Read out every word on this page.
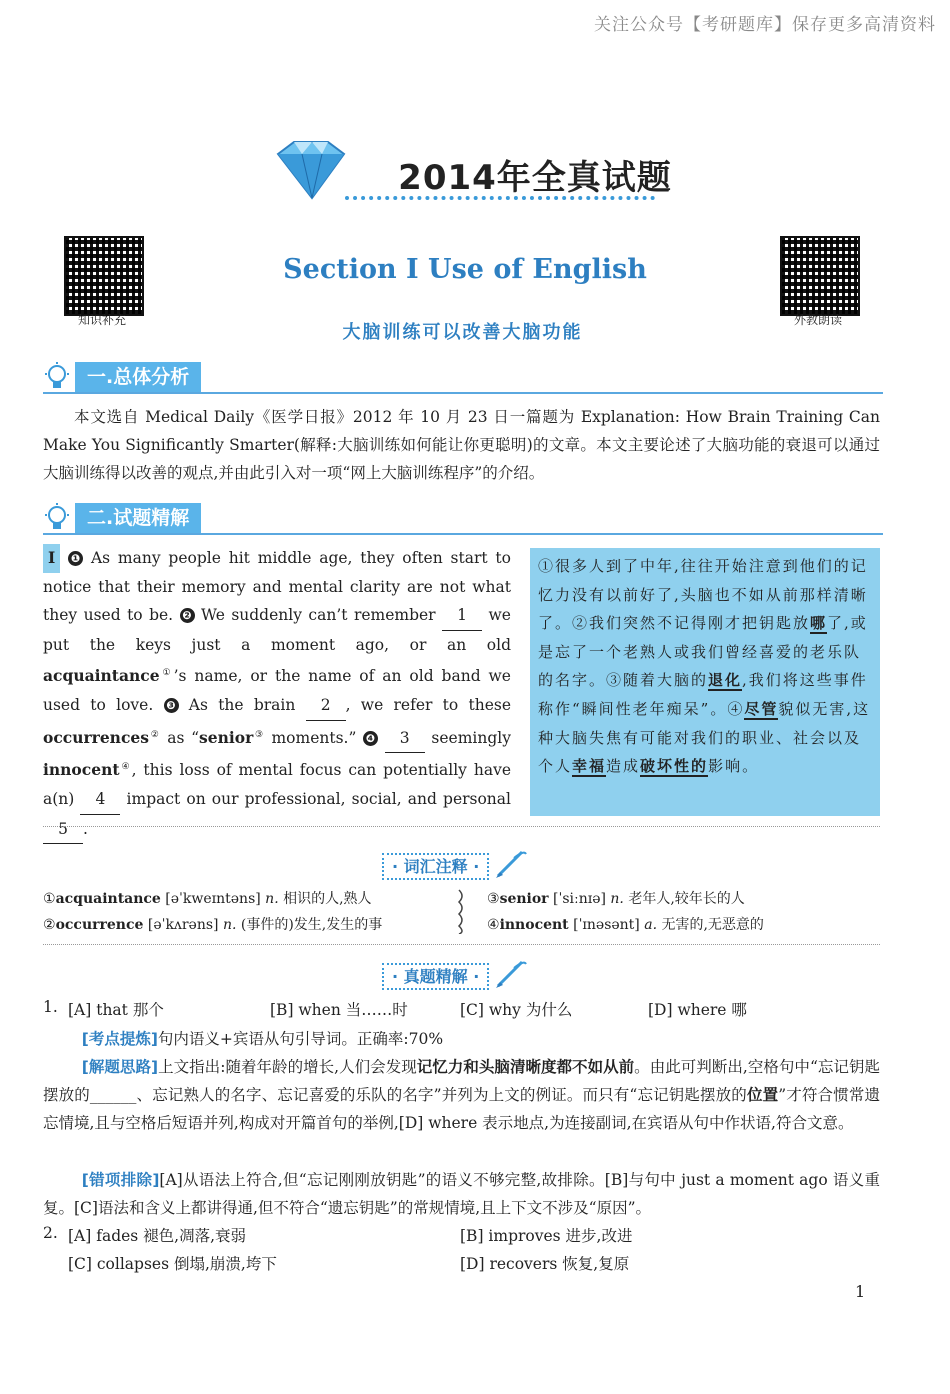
关注公众号【考研题库】保存更多高清资料
2014年全真试题
知识补充	外教朗读
Section Ⅰ Use of English
大脑训练可以改善大脑功能
一.总体分析
本文选自 Medical Daily《医学日报》2012 年 10 月 23 日一篇题为 Explanation: How Brain Training Can Make You Significantly Smarter(解释:大脑训练如何能让你更聪明)的文章。本文主要论述了大脑功能的衰退可以通过大脑训练得以改善的观点,并由此引入对一项“网上大脑训练程序”的介绍。
二.试题精解
Ⅰ ❶ As many people hit middle age, they often start to notice that their memory and mental clarity are not what they used to be. ❷ We suddenly can’t remember 1 we put the keys just a moment ago, or an old acquaintance①’s name, or the name of an old band we used to love. ❸ As the brain 2 , we refer to these occurrences② as “senior③ moments.” ❹ 3 seemingly innocent④, this loss of mental focus can potentially have a(n) 4 impact on our professional, social, and personal 5 .
①很多人到了中年,往往开始注意到他们的记忆力没有以前好了,头脑也不如从前那样清晰了。②我们突然不记得刚才把钥匙放哪了,或是忘了一个老熟人或我们曾经喜爱的老乐队的名字。③随着大脑的退化,我们将这些事件称作“瞬间性老年痴呆”。④尽管貌似无害,这种大脑失焦有可能对我们的职业、社会以及个人幸福造成破坏性的影响。
· 词汇注释 ·
①acquaintance [əˈkweɪntəns] n. 相识的人,熟人	③senior [ˈsiːnɪə] n. 老年人,较年长的人
②occurrence [əˈkʌrəns] n. (事件的)发生,发生的事	④innocent [ˈɪnəsənt] a. 无害的,无恶意的
· 真题精解 ·
1. [A] that 那个	[B] when 当……时	[C] why 为什么	[D] where 哪
[考点提炼]句内语义+宾语从句引导词。正确率:70%
[解题思路]上文指出:随着年龄的增长,人们会发现记忆力和头脑清晰度都不如从前。由此可判断出,空格句中“忘记钥匙摆放的______、忘记熟人的名字、忘记喜爱的乐队的名字”并列为上文的例证。而只有“忘记钥匙摆放的位置”才符合惯常遗忘情境,且与空格后短语并列,构成对开篇首句的举例,[D] where 表示地点,为连接副词,在宾语从句中作状语,符合文意。
[错项排除][A]从语法上符合,但“忘记刚刚放钥匙”的语义不够完整,故排除。[B]与句中 just a moment ago 语义重复。[C]语法和含义上都讲得通,但不符合“遗忘钥匙”的常规情境,且上下文不涉及“原因”。
2. [A] fades 褪色,凋落,衰弱	[B] improves 进步,改进
[C] collapses 倒塌,崩溃,垮下	[D] recovers 恢复,复原
1
